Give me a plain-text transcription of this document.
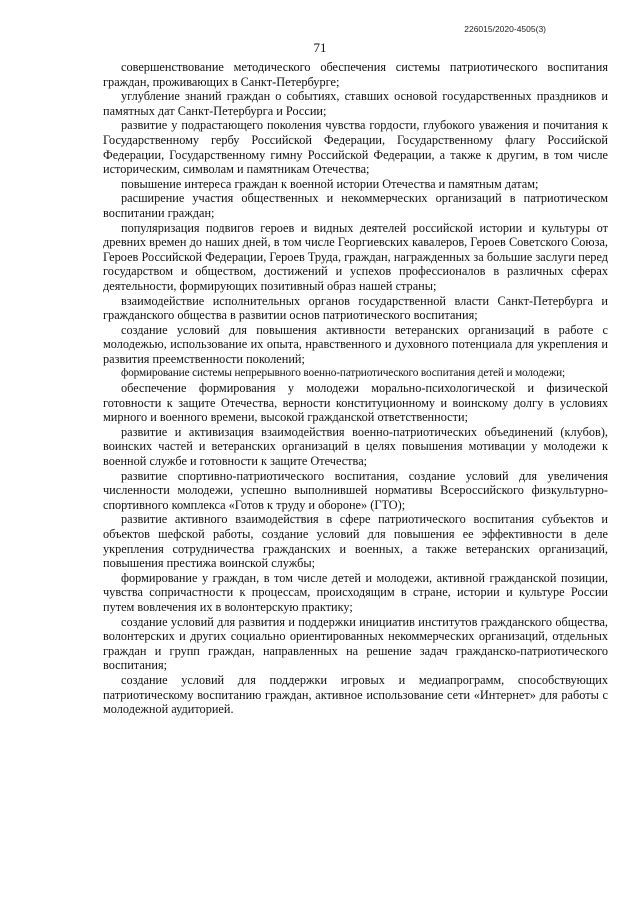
226015/2020-4505(3)
71

совершенствование методического обеспечения системы патриотического воспитания граждан, проживающих в Санкт-Петербурге;

углубление знаний граждан о событиях, ставших основой государственных праздников и памятных дат Санкт-Петербурга и России;

развитие у подрастающего поколения чувства гордости, глубокого уважения и почитания к Государственному гербу Российской Федерации, Государственному флагу Российской Федерации, Государственному гимну Российской Федерации, а также к другим, в том числе историческим, символам и памятникам Отечества;

повышение интереса граждан к военной истории Отечества и памятным датам;

расширение участия общественных и некоммерческих организаций в патриотическом воспитании граждан;

популяризация подвигов героев и видных деятелей российской истории и культуры от древних времен до наших дней, в том числе Георгиевских кавалеров, Героев Советского Союза, Героев Российской Федерации, Героев Труда, граждан, награжденных за большие заслуги перед государством и обществом, достижений и успехов профессионалов в различных сферах деятельности, формирующих позитивный образ нашей страны;

взаимодействие исполнительных органов государственной власти Санкт-Петербурга и гражданского общества в развитии основ патриотического воспитания;

создание условий для повышения активности ветеранских организаций в работе с молодежью, использование их опыта, нравственного и духовного потенциала для укрепления и развития преемственности поколений;

формирование системы непрерывного военно-патриотического воспитания детей и молодежи;

обеспечение формирования у молодежи морально-психологической и физической готовности к защите Отечества, верности конституционному и воинскому долгу в условиях мирного и военного времени, высокой гражданской ответственности;

развитие и активизация взаимодействия военно-патриотических объединений (клубов), воинских частей и ветеранских организаций в целях повышения мотивации у молодежи к военной службе и готовности к защите Отечества;

развитие спортивно-патриотического воспитания, создание условий для увеличения численности молодежи, успешно выполнившей нормативы Всероссийского физкультурно-спортивного комплекса «Готов к труду и обороне» (ГТО);

развитие активного взаимодействия в сфере патриотического воспитания субъектов и объектов шефской работы, создание условий для повышения ее эффективности в деле укрепления сотрудничества гражданских и военных, а также ветеранских организаций, повышения престижа воинской службы;

формирование у граждан, в том числе детей и молодежи, активной гражданской позиции, чувства сопричастности к процессам, происходящим в стране, истории и культуре России путем вовлечения их в волонтерскую практику;

создание условий для развития и поддержки инициатив институтов гражданского общества, волонтерских и других социально ориентированных некоммерческих организаций, отдельных граждан и групп граждан, направленных на решение задач гражданско-патриотического воспитания;

создание условий для поддержки игровых и медиапрограмм, способствующих патриотическому воспитанию граждан, активное использование сети «Интернет» для работы с молодежной аудиторией.
